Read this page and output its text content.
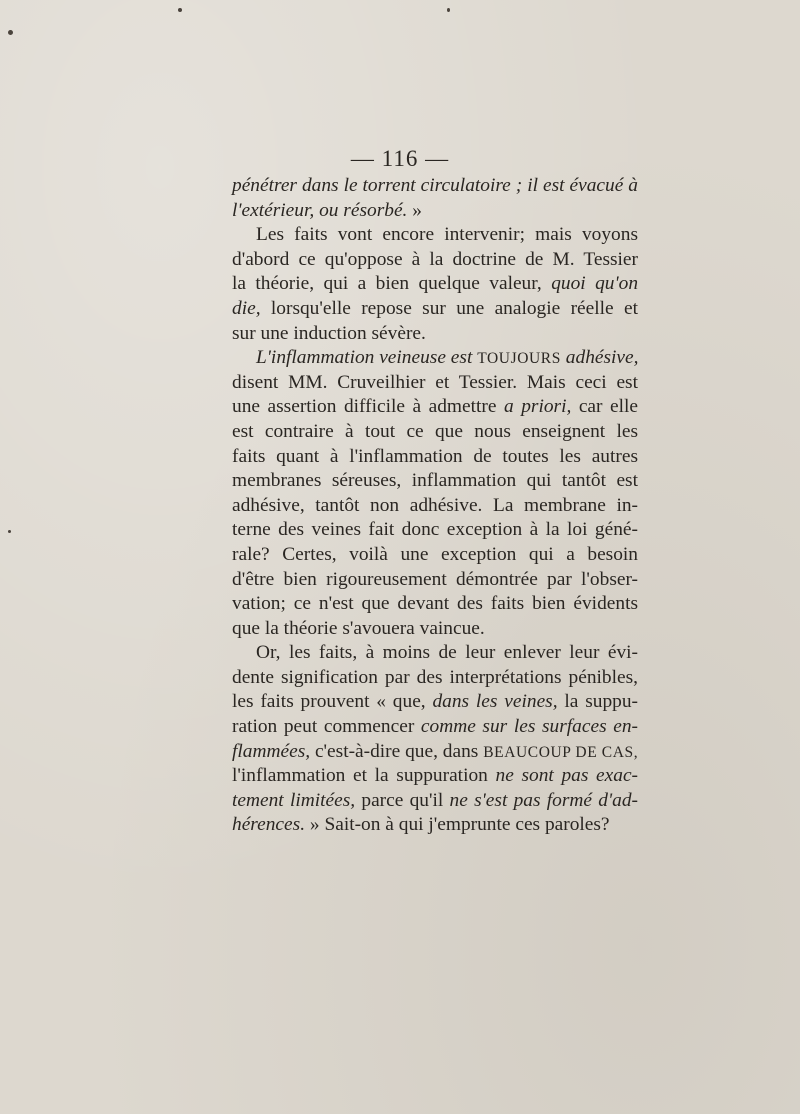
— 116 —
pénétrer dans le torrent circulatoire ; il est évacué à
l'extérieur, ou résorbé. »
Les faits vont encore intervenir; mais voyons
d'abord ce qu'oppose à la doctrine de M. Tessier
la théorie, qui a bien quelque valeur, quoi qu'on
die, lorsqu'elle repose sur une analogie réelle et
sur une induction sévère.
L'inflammation veineuse est TOUJOURS adhésive,
disent MM. Cruveilhier et Tessier. Mais ceci est
une assertion difficile à admettre a priori, car elle
est contraire à tout ce que nous enseignent les
faits quant à l'inflammation de toutes les autres
membranes séreuses, inflammation qui tantôt est
adhésive, tantôt non adhésive. La membrane in-
terne des veines fait donc exception à la loi géné-
rale? Certes, voilà une exception qui a besoin
d'être bien rigoureusement démontrée par l'obser-
vation; ce n'est que devant des faits bien évidents
que la théorie s'avouera vaincue.
Or, les faits, à moins de leur enlever leur évi-
dente signification par des interprétations pénibles,
les faits prouvent « que, dans les veines, la suppu-
ration peut commencer comme sur les surfaces en-
flammées, c'est-à-dire que, dans BEAUCOUP DE CAS,
l'inflammation et la suppuration ne sont pas exac-
tement limitées, parce qu'il ne s'est pas formé d'ad-
hérences. » Sait-on à qui j'emprunte ces paroles?
